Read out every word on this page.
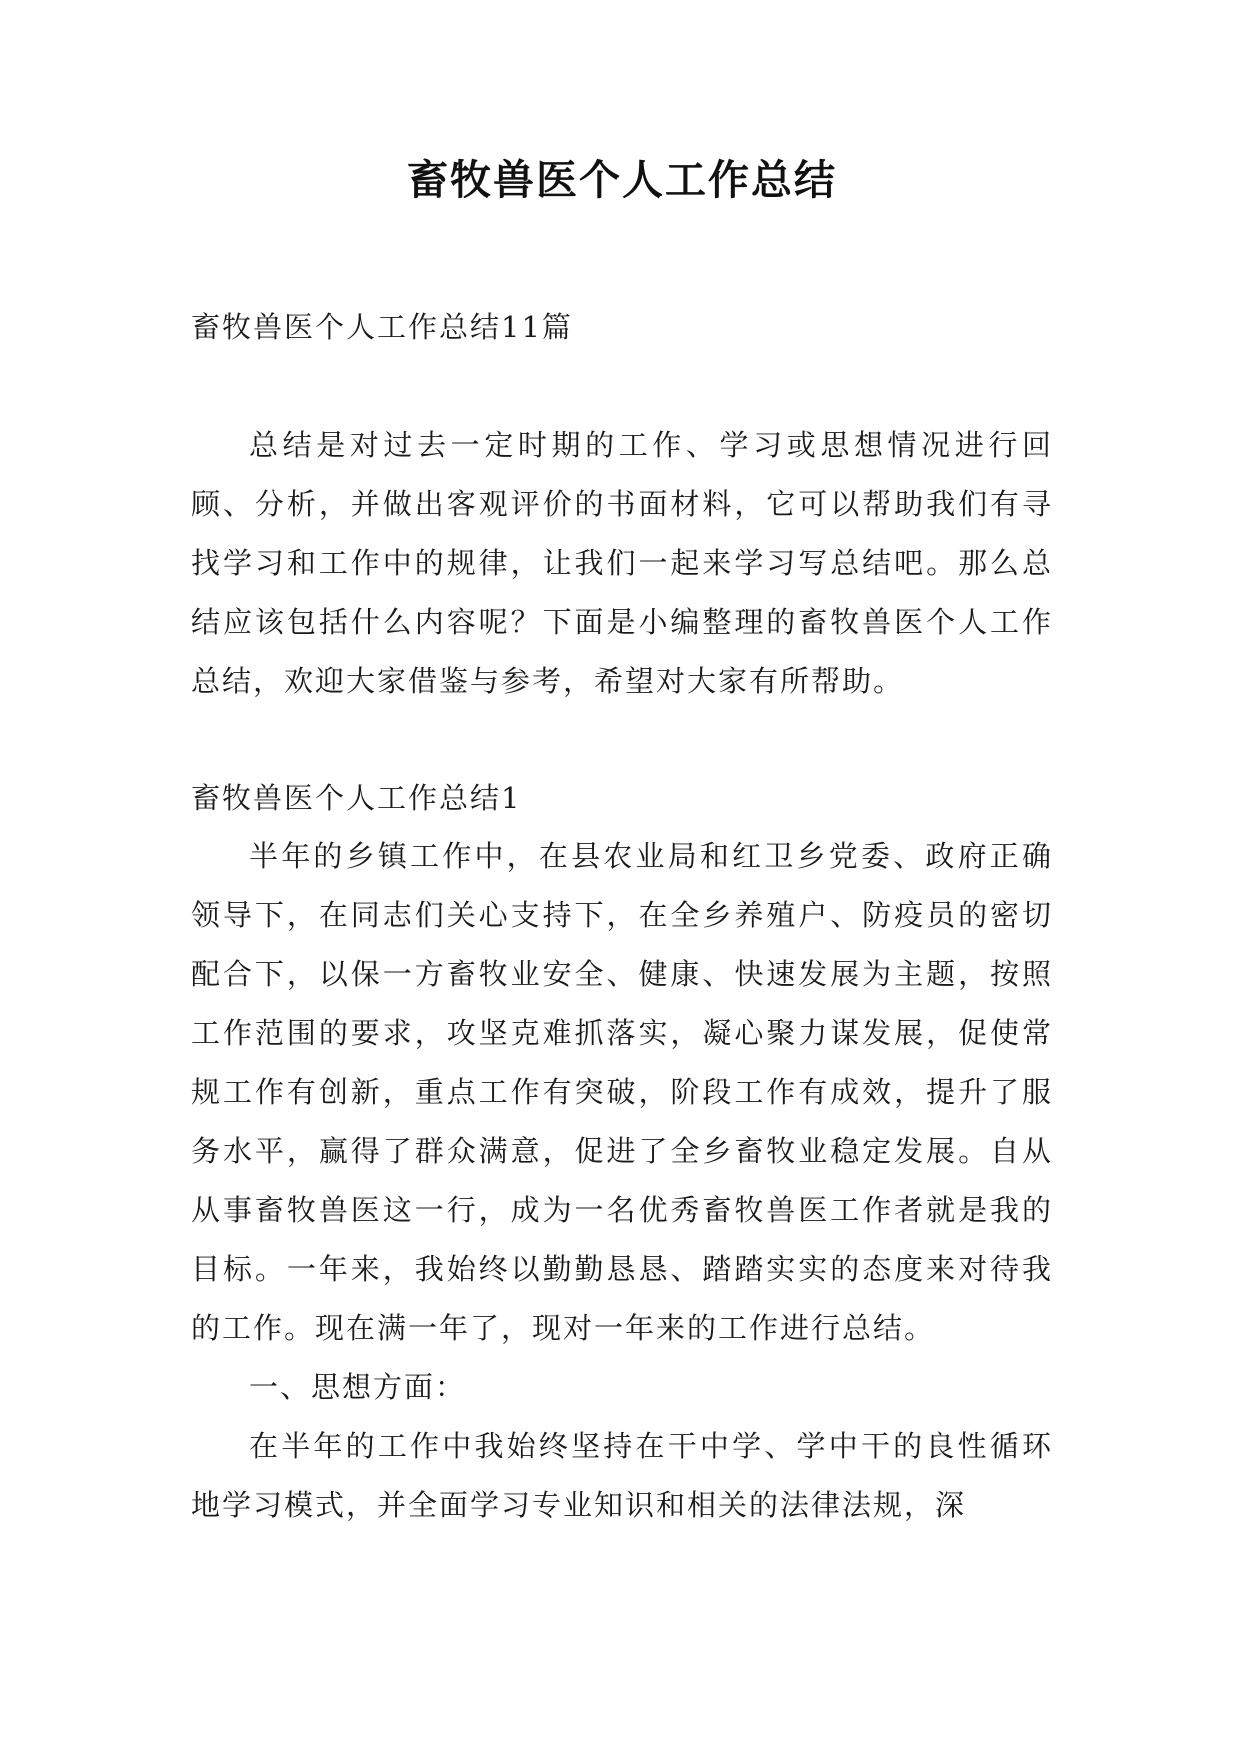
畜牧兽医个人工作总结

畜牧兽医个人工作总结11篇

总结是对过去一定时期的工作、学习或思想情况进行回顾、分析，并做出客观评价的书面材料，它可以帮助我们有寻找学习和工作中的规律，让我们一起来学习写总结吧。那么总结应该包括什么内容呢？下面是小编整理的畜牧兽医个人工作总结，欢迎大家借鉴与参考，希望对大家有所帮助。

畜牧兽医个人工作总结1

半年的乡镇工作中，在县农业局和红卫乡党委、政府正确领导下，在同志们关心支持下，在全乡养殖户、防疫员的密切配合下，以保一方畜牧业安全、健康、快速发展为主题，按照工作范围的要求，攻坚克难抓落实，凝心聚力谋发展，促使常规工作有创新，重点工作有突破，阶段工作有成效，提升了服务水平，赢得了群众满意，促进了全乡畜牧业稳定发展。自从从事畜牧兽医这一行，成为一名优秀畜牧兽医工作者就是我的目标。一年来，我始终以勤勤恳恳、踏踏实实的态度来对待我的工作。现在满一年了，现对一年来的工作进行总结。

一、思想方面：

在半年的工作中我始终坚持在干中学、学中干的良性循环地学习模式，并全面学习专业知识和相关的法律法规，深
